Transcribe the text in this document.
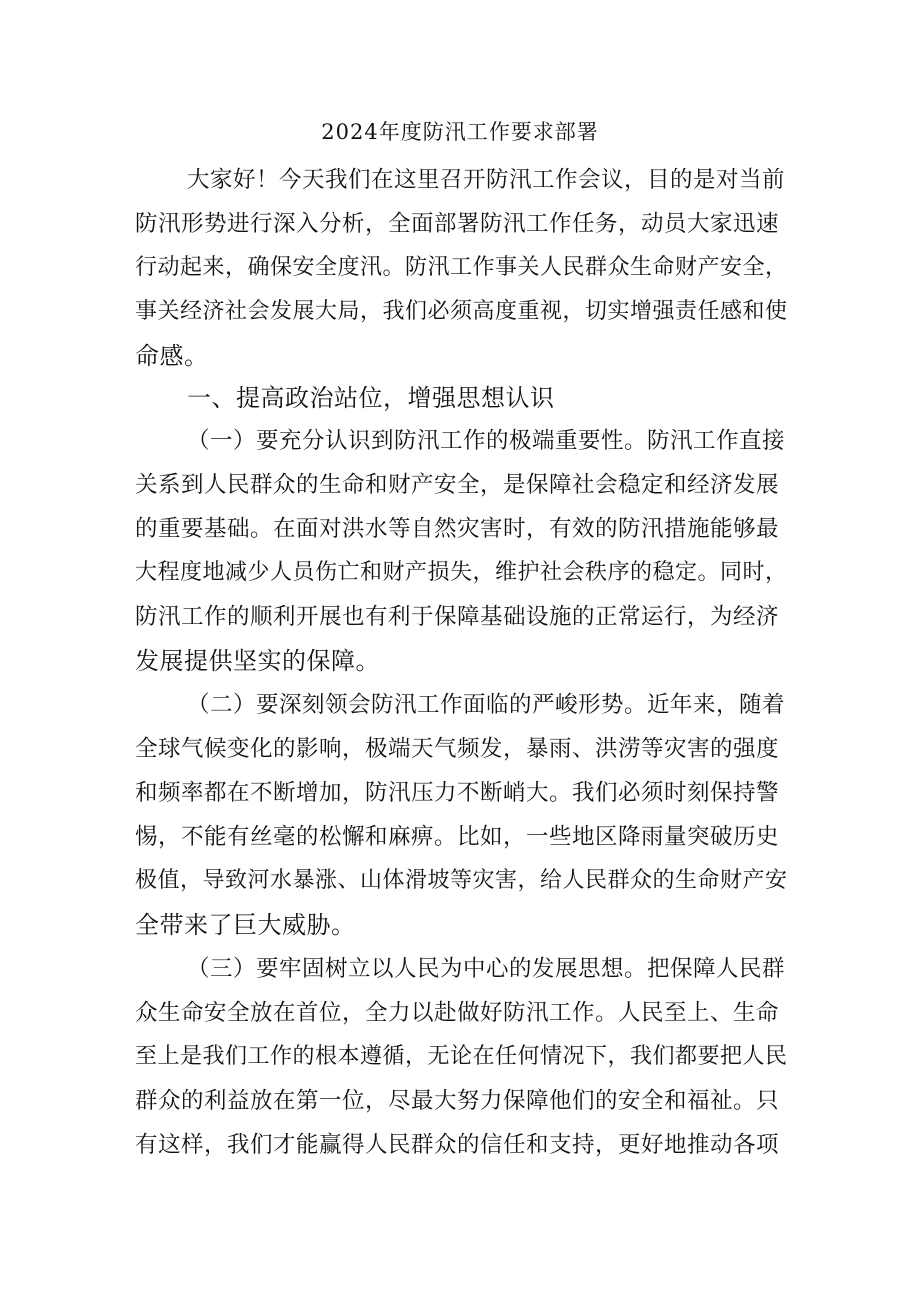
2024年度防汛工作要求部署
大家好！今天我们在这里召开防汛工作会议，目的是对当前
防汛形势进行深入分析，全面部署防汛工作任务，动员大家迅速
行动起来，确保安全度汛。防汛工作事关人民群众生命财产安全，
事关经济社会发展大局，我们必须高度重视，切实增强责任感和使
命感。
一、提高政治站位，增强思想认识
（一）要充分认识到防汛工作的极端重要性。防汛工作直接
关系到人民群众的生命和财产安全，是保障社会稳定和经济发展
的重要基础。在面对洪水等自然灾害时，有效的防汛措施能够最
大程度地减少人员伤亡和财产损失，维护社会秩序的稳定。同时，
防汛工作的顺利开展也有利于保障基础设施的正常运行，为经济
发展提供坚实的保障。
（二）要深刻领会防汛工作面临的严峻形势。近年来，随着
全球气候变化的影响，极端天气频发，暴雨、洪涝等灾害的强度
和频率都在不断增加，防汛压力不断峭大。我们必须时刻保持警
惕，不能有丝毫的松懈和麻痹。比如，一些地区降雨量突破历史
极值，导致河水暴涨、山体滑坡等灾害，给人民群众的生命财产安
全带来了巨大威胁。
（三）要牢固树立以人民为中心的发展思想。把保障人民群
众生命安全放在首位，全力以赴做好防汛工作。人民至上、生命
至上是我们工作的根本遵循，无论在任何情况下，我们都要把人民
群众的利益放在第一位，尽最大努力保障他们的安全和福祉。只
有这样，我们才能赢得人民群众的信任和支持，更好地推动各项
